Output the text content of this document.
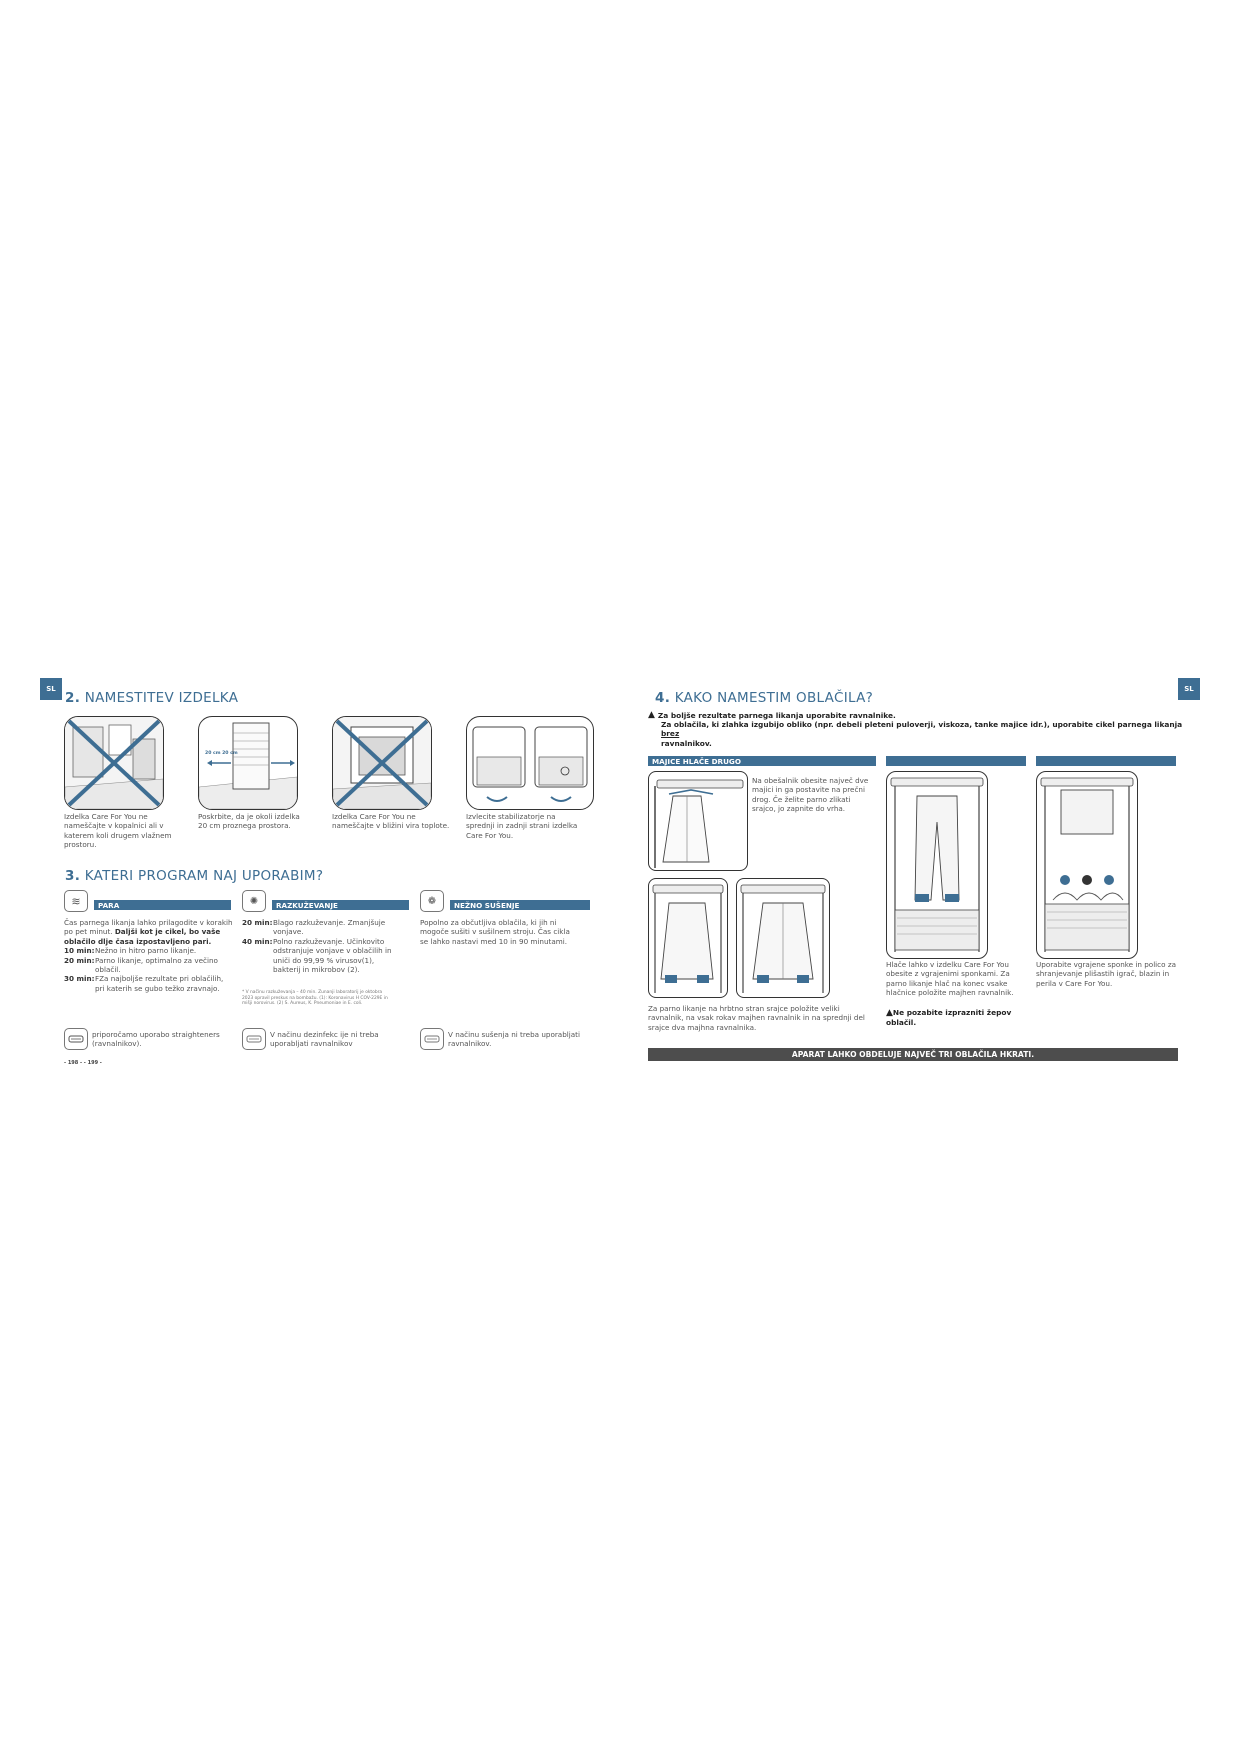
SL	SL
2. NAMESTITEV IZDELKA
Izdelka Care For You ne nameščajte v kopalnici ali v katerem koli drugem vlažnem prostoru.
20 cm 20 cm
Poskrbite, da je okoli izdelka 20 cm proznega prostora.
Izdelka Care For You ne nameščajte v bližini vira toplote.
Izvlecite stabilizatorje na sprednji in zadnji strani izdelka Care For You.
3. KATERI PROGRAM NAJ UPORABIM?
≋	PARA
Čas parnega likanja lahko prilagodite v korakih po pet minut. Daljši kot je cikel, bo vaše oblačilo dlje časa izpostavljeno pari.
10 min: Nežno in hitro parno likanje.
20 min: Parno likanje, optimalno za večino oblačil.
30 min: FZa najboljše rezultate pri oblačilih, pri katerih se gubo težko zravnajo.
priporočamo uporabo straighteners (ravnalnikov).
✺	RAZKUŽEVANJE
20 min: Blago razkuževanje. Zmanjšuje vonjave.
40 min: Polno razkuževanje. Učinkovito odstranjuje vonjave v oblačilih in uniči do 99,99 % virusov(1), bakterij in mikrobov (2).
* V načinu razkuževanja – 40 min. Zunanji laboratorij je oktobra 2023 opravil preskus na bombažu. (1): Koronavirus H COV-229E in mišji norovirus. (2) S. Aureus, K. Pneumoniae in E. coli.
V načinu dezinfekc ije ni treba uporabljati ravnalnikov
❁	NEŽNO SUŠENJE
Popolno za občutljiva oblačila, ki jih ni mogoče sušiti v sušilnem stroju. Čas cikla se lahko nastavi med 10 in 90 minutami.
V načinu sušenja ni treba uporabljati ravnalnikov.
- 198 - - 199 -
4. KAKO NAMESTIM OBLAČILA?
▲ Za boljše rezultate parnega likanja uporabite ravnalnike.
Za oblačila, ki zlahka izgubijo obliko (npr. debeli pleteni puloverji, viskoza, tanke majice idr.), uporabite cikel parnega likanja brez
ravnalnikov.
MAJICE HLAČE DRUGO
Na obešalnik obesite največ dve majici in ga postavite na prečni drog. Če želite parno zlikati srajco, jo zapnite do vrha.
Za parno likanje na hrbtno stran srajce položite veliki ravnalnik, na vsak rokav majhen ravnalnik in na sprednji del srajce dva majhna ravnalnika.
Hlače lahko v izdelku Care For You obesite z vgrajenimi sponkami. Za parno likanje hlač na konec vsake hlačnice položite majhen ravnalnik.
▲Ne pozabite izprazniti žepov oblačil.
Uporabite vgrajene sponke in polico za shranjevanje plišastih igrač, blazin in perila v Care For You.
APARAT LAHKO OBDELUJE NAJVEČ TRI OBLAČILA HKRATI.
